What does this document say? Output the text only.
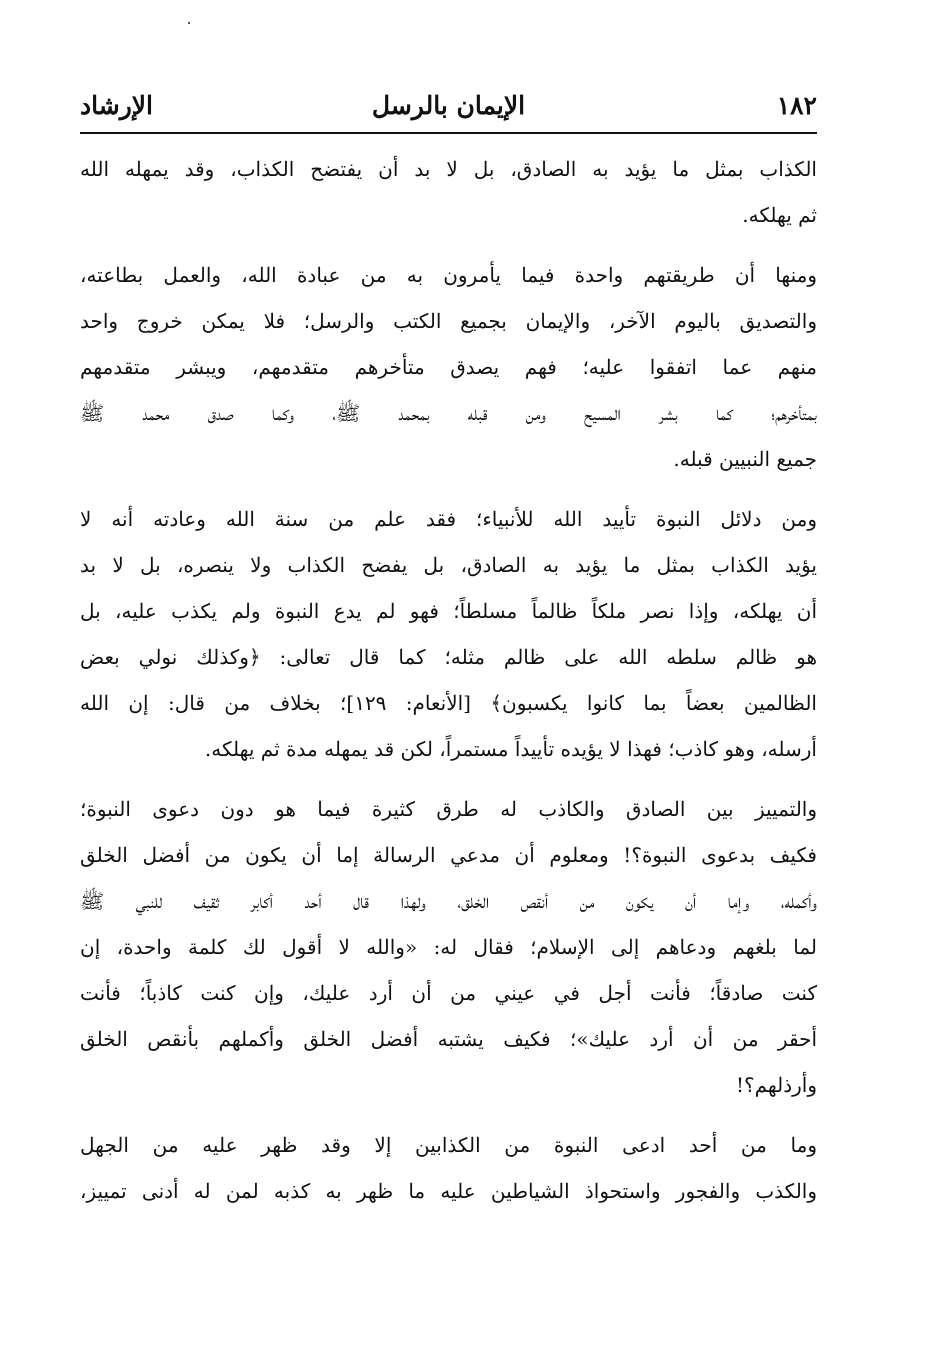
١٨٢
الإيمان بالرسل
الإرشاد
الكذاب بمثل ما يؤيد به الصادق، بل لا بد أن يفتضح الكذاب، وقد يمهله الله
ثم يهلكه.
ومنها أن طريقتهم واحدة فيما يأمرون به من عبادة الله، والعمل بطاعته،
والتصديق باليوم الآخر، والإيمان بجميع الكتب والرسل؛ فلا يمكن خروج واحد
منهم عما اتفقوا عليه؛ فهم يصدق متأخرهم متقدمهم، ويبشر متقدمهم
بمتأخرهم؛ كما بشر المسيح ومن قبله بمحمد ﷺ، وكما صدق محمد ﷺ
جميع النبيين قبله.
ومن دلائل النبوة تأييد الله للأنبياء؛ فقد علم من سنة الله وعادته أنه لا
يؤيد الكذاب بمثل ما يؤيد به الصادق، بل يفضح الكذاب ولا ينصره، بل لا بد
أن يهلكه، وإذا نصر ملكاً ظالماً مسلطاً؛ فهو لم يدع النبوة ولم يكذب عليه، بل
هو ظالم سلطه الله على ظالم مثله؛ كما قال تعالى: ﴿وكذلك نولي بعض
الظالمين بعضاً بما كانوا يكسبون﴾ [الأنعام: ١٢٩]؛ بخلاف من قال: إن الله
أرسله، وهو كاذب؛ فهذا لا يؤيده تأييداً مستمراً، لكن قد يمهله مدة ثم يهلكه.
والتمييز بين الصادق والكاذب له طرق كثيرة فيما هو دون دعوى النبوة؛
فكيف بدعوى النبوة؟! ومعلوم أن مدعي الرسالة إما أن يكون من أفضل الخلق
وأكمله، وإما أن يكون من أنقص الخلق، ولهذا قال أحد أكابر ثقيف للنبي ﷺ
لما بلغهم ودعاهم إلى الإسلام؛ فقال له: «والله لا أقول لك كلمة واحدة، إن
كنت صادقاً؛ فأنت أجل في عيني من أن أرد عليك، وإن كنت كاذباً؛ فأنت
أحقر من أن أرد عليك»؛ فكيف يشتبه أفضل الخلق وأكملهم بأنقص الخلق
وأرذلهم؟!
وما من أحد ادعى النبوة من الكذابين إلا وقد ظهر عليه من الجهل
والكذب والفجور واستحواذ الشياطين عليه ما ظهر به كذبه لمن له أدنى تمييز،
